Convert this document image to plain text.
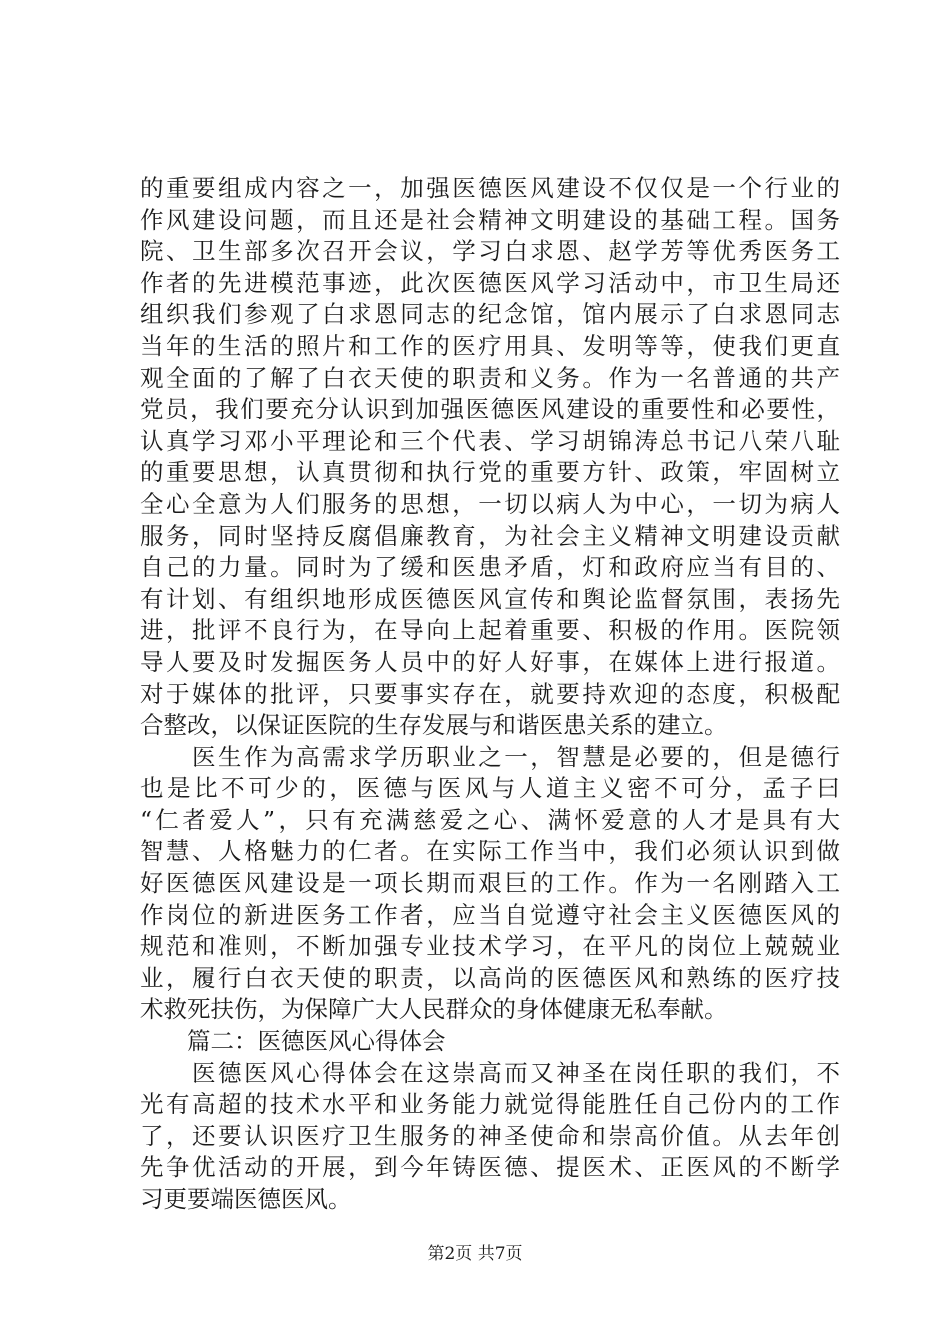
的重要组成内容之一，加强医德医风建设不仅仅是一个行业的
作风建设问题，而且还是社会精神文明建设的基础工程。国务
院、卫生部多次召开会议，学习白求恩、赵学芳等优秀医务工
作者的先进模范事迹，此次医德医风学习活动中，市卫生局还
组织我们参观了白求恩同志的纪念馆，馆内展示了白求恩同志
当年的生活的照片和工作的医疗用具、发明等等，使我们更直
观全面的了解了白衣天使的职责和义务。作为一名普通的共产
党员，我们要充分认识到加强医德医风建设的重要性和必要性，
认真学习邓小平理论和三个代表、学习胡锦涛总书记八荣八耻
的重要思想，认真贯彻和执行党的重要方针、政策，牢固树立
全心全意为人们服务的思想，一切以病人为中心，一切为病人
服务，同时坚持反腐倡廉教育，为社会主义精神文明建设贡献
自己的力量。同时为了缓和医患矛盾，灯和政府应当有目的、
有计划、有组织地形成医德医风宣传和舆论监督氛围，表扬先
进，批评不良行为，在导向上起着重要、积极的作用。医院领
导人要及时发掘医务人员中的好人好事，在媒体上进行报道。
对于媒体的批评，只要事实存在，就要持欢迎的态度，积极配
合整改，以保证医院的生存发展与和谐医患关系的建立。
　　医生作为高需求学历职业之一，智慧是必要的，但是德行
也是比不可少的，医德与医风与人道主义密不可分，孟子曰
“仁者爱人”，只有充满慈爱之心、满怀爱意的人才是具有大
智慧、人格魅力的仁者。在实际工作当中，我们必须认识到做
好医德医风建设是一项长期而艰巨的工作。作为一名刚踏入工
作岗位的新进医务工作者，应当自觉遵守社会主义医德医风的
规范和准则，不断加强专业技术学习，在平凡的岗位上兢兢业
业，履行白衣天使的职责，以高尚的医德医风和熟练的医疗技
术救死扶伤，为保障广大人民群众的身体健康无私奉献。
　　篇二：医德医风心得体会
　　医德医风心得体会在这崇高而又神圣在岗任职的我们，不
光有高超的技术水平和业务能力就觉得能胜任自己份内的工作
了，还要认识医疗卫生服务的神圣使命和崇高价值。从去年创
先争优活动的开展，到今年铸医德、提医术、正医风的不断学
习更要端医德医风。
第2页 共7页
